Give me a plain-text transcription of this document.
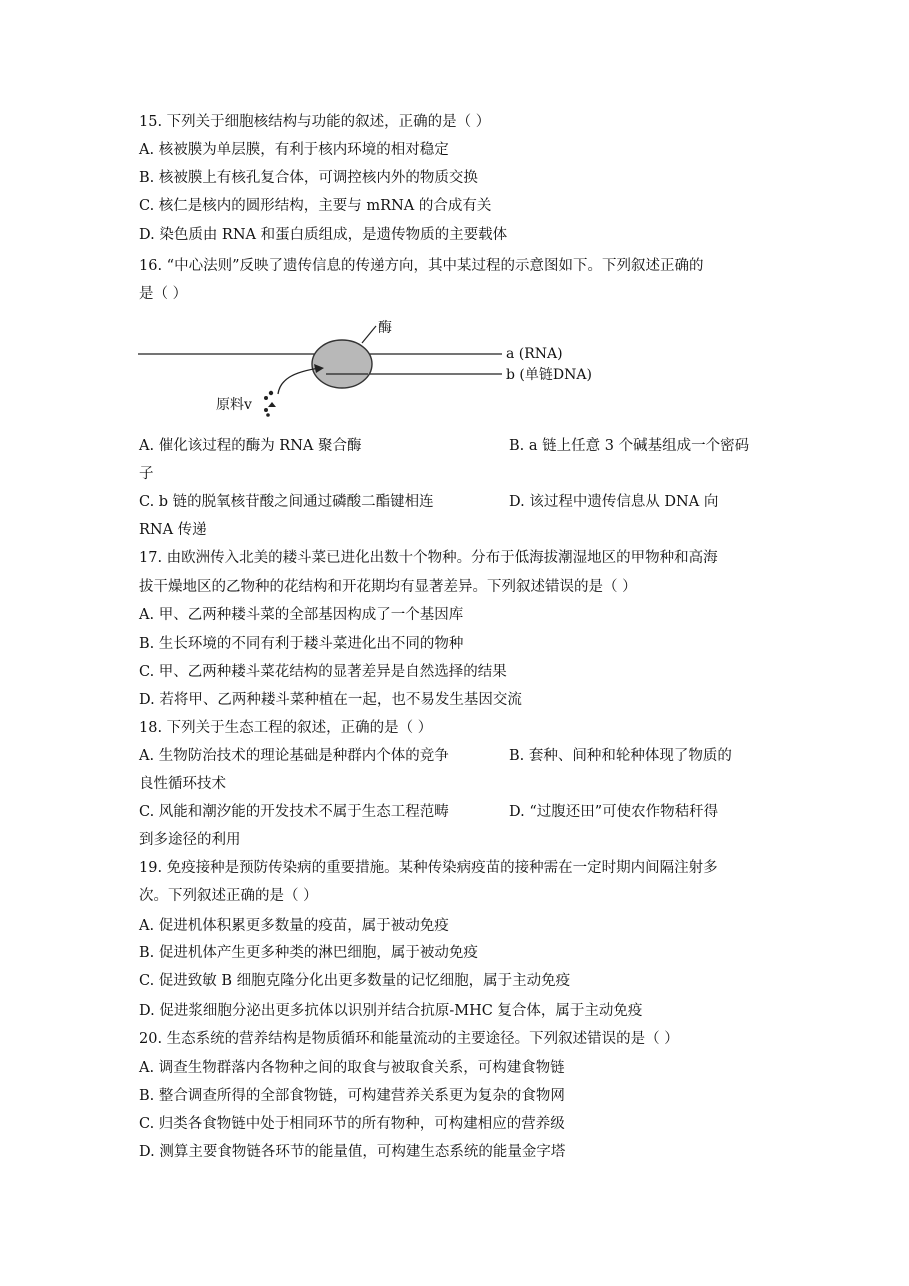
15. 下列关于细胞核结构与功能的叙述，正确的是（ ）
A. 核被膜为单层膜，有利于核内环境的相对稳定
B. 核被膜上有核孔复合体，可调控核内外的物质交换
C. 核仁是核内的圆形结构，主要与 mRNA 的合成有关
D. 染色质由 RNA 和蛋白质组成，是遗传物质的主要载体
16. “中心法则”反映了遗传信息的传递方向，其中某过程的示意图如下。下列叙述正确的
是（ ）
酶
a (RNA)
b (单链DNA)
原料v
A. 催化该过程的酶为 RNA 聚合酶	B. a 链上任意 3 个碱基组成一个密码
子
C. b 链的脱氧核苷酸之间通过磷酸二酯键相连	D. 该过程中遗传信息从 DNA 向
RNA 传递
17. 由欧洲传入北美的耧斗菜已进化出数十个物种。分布于低海拔潮湿地区的甲物种和高海
拔干燥地区的乙物种的花结构和开花期均有显著差异。下列叙述错误的是（ ）
A. 甲、乙两种耧斗菜的全部基因构成了一个基因库
B. 生长环境的不同有利于耧斗菜进化出不同的物种
C. 甲、乙两种耧斗菜花结构的显著差异是自然选择的结果
D. 若将甲、乙两种耧斗菜种植在一起，也不易发生基因交流
18. 下列关于生态工程的叙述，正确的是（ ）
A. 生物防治技术的理论基础是种群内个体的竞争	B. 套种、间种和轮种体现了物质的
良性循环技术
C. 风能和潮汐能的开发技术不属于生态工程范畴	D. “过腹还田”可使农作物秸秆得
到多途径的利用
19. 免疫接种是预防传染病的重要措施。某种传染病疫苗的接种需在一定时期内间隔注射多
次。下列叙述正确的是（ ）
A. 促进机体积累更多数量的疫苗，属于被动免疫
B. 促进机体产生更多种类的淋巴细胞，属于被动免疫
C. 促进致敏 B 细胞克隆分化出更多数量的记忆细胞，属于主动免疫
D. 促进浆细胞分泌出更多抗体以识别并结合抗原-MHC 复合体，属于主动免疫
20. 生态系统的营养结构是物质循环和能量流动的主要途径。下列叙述错误的是（ ）
A. 调查生物群落内各物种之间的取食与被取食关系，可构建食物链
B. 整合调查所得的全部食物链，可构建营养关系更为复杂的食物网
C. 归类各食物链中处于相同环节的所有物种，可构建相应的营养级
D. 测算主要食物链各环节的能量值，可构建生态系统的能量金字塔
